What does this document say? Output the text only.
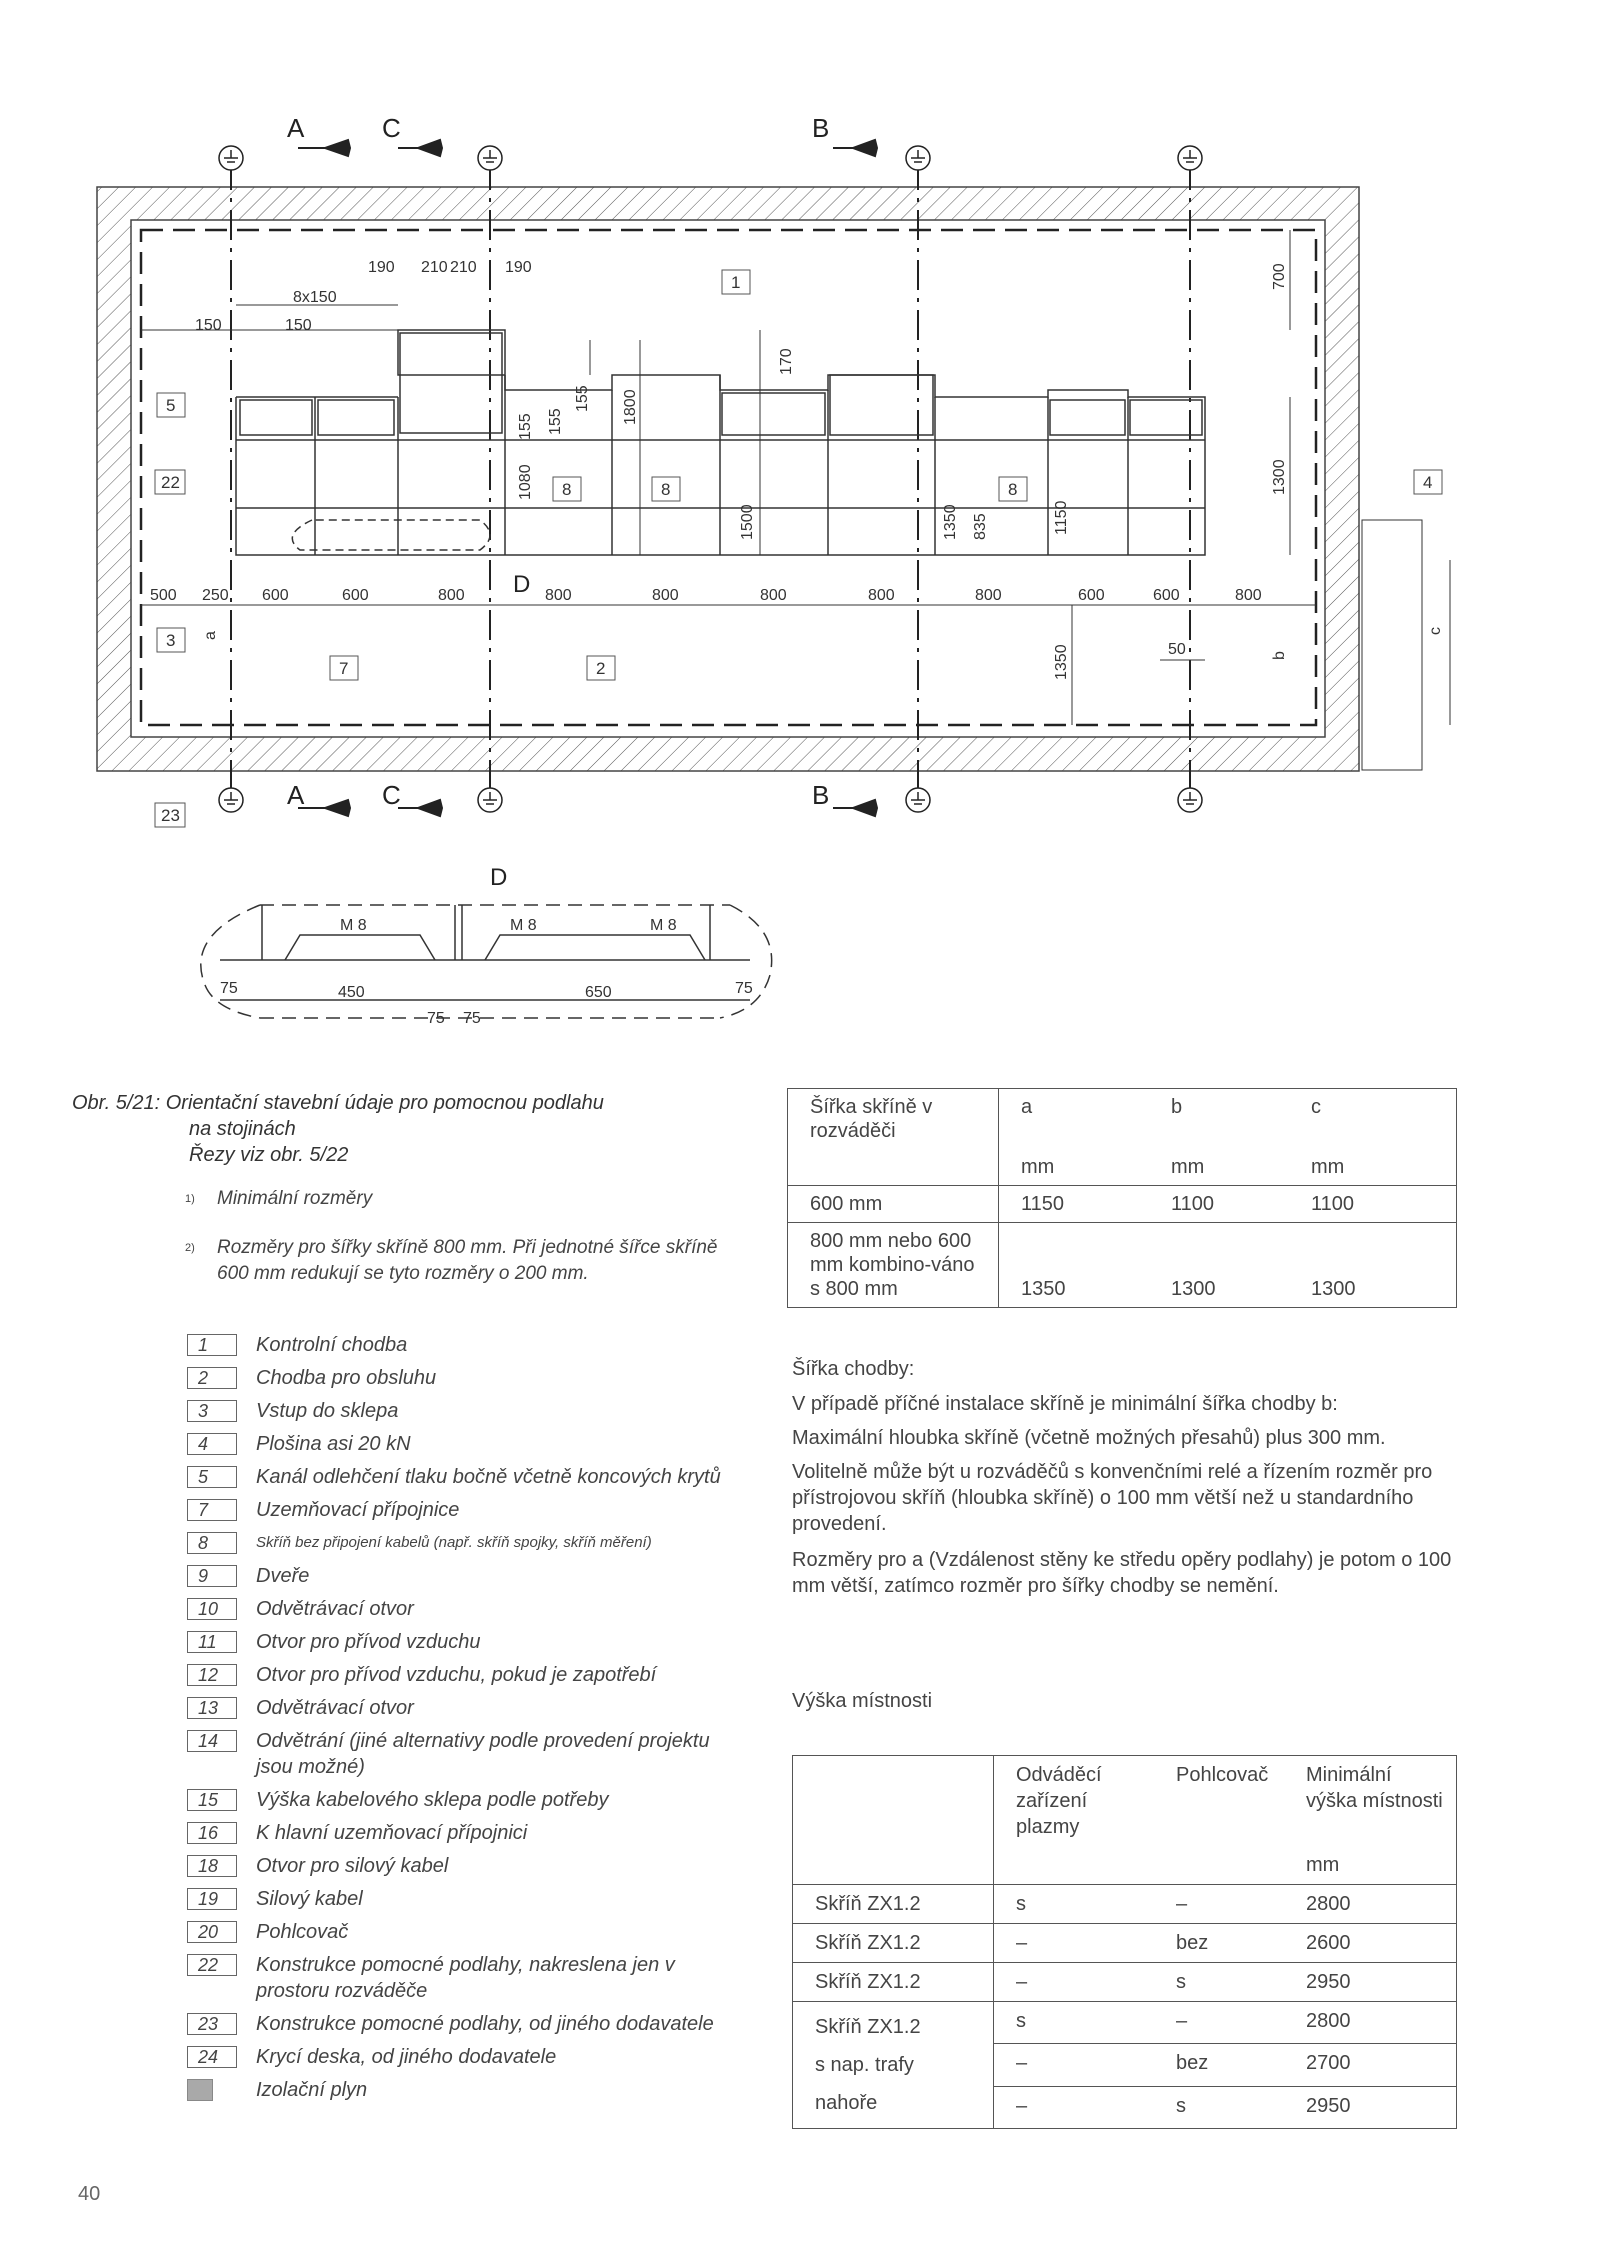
A	C	B
A	C	B
1
5
22	8	8	8	4
3
7	2
23
190 210 210 190
8x150
150	150
700
1300
170
1800
155 155
155
1080
1500	1350 835	1150
1350
500 250 600	600	800	800	800	800	800	800	600	600	800
a
b
c
50
D
D
M 8	M 8	M 8
450	650
75	75
75 75
Obr. 5/21: Orientační stavební údaje pro pomocnou podlahu
na stojinách
Řezy viz obr. 5/22
1)	Minimální rozměry
2)	Rozměry pro šířky skříně 800 mm. Při jednotné šířce skříně 600 mm redukují se tyto rozměry o 200 mm.
1	Kontrolní chodba
2	Chodba pro obsluhu
3	Vstup do sklepa
4	Plošina asi 20 kN
5	Kanál odlehčení tlaku bočně včetně koncových krytů
7	Uzemňovací přípojnice
8	Skříň bez připojení kabelů (např. skříň spojky, skříň měření)
9	Dveře
10	Odvětrávací otvor
11	Otvor pro přívod vzduchu
12	Otvor pro přívod vzduchu, pokud je zapotřebí
13	Odvětrávací otvor
14	Odvětrání (jiné alternativy podle provedení projektu jsou možné)
15	Výška kabelového sklepa podle potřeby
16	K hlavní uzemňovací přípojnici
18	Otvor pro silový kabel
19	Silový kabel
20	Pohlcovač
22	Konstrukce pomocné podlahy, nakreslena jen v prostoru rozváděče
23	Konstrukce pomocné podlahy, od jiného dodavatele
24	Krycí deska, od jiného dodavatele
Izolační plyn
Šířka skříně v rozváděči	a	b	c
	mm	mm	mm
600 mm	1150	1100	1100
800 mm nebo 600 mm kombino-váno s 800 mm	1350	1300	1300
Šířka chodby:
V případě příčné instalace skříně je minimální šířka chodby b:
Maximální hloubka skříně (včetně možných přesahů) plus 300 mm.
Volitelně může být u rozváděčů s konvenčními relé a řízením rozměr pro přístrojovou skříň (hloubka skříně) o 100 mm větší než u standardního provedení.
Rozměry pro a (Vzdálenost stěny ke středu opěry podlahy) je potom o 100 mm větší, zatímco rozměr pro šířky chodby se nemění.
Výška místnosti
	Odváděcí zařízení plazmy	Pohlcovač	Minimální výška místnosti
			mm
Skříň ZX1.2	s	–	2800
Skříň ZX1.2	–	bez	2600
Skříň ZX1.2	–	s	2950
Skříň ZX1.2
s nap. trafy
nahoře	s	–	2800
	–	bez	2700
	–	s	2950
40
